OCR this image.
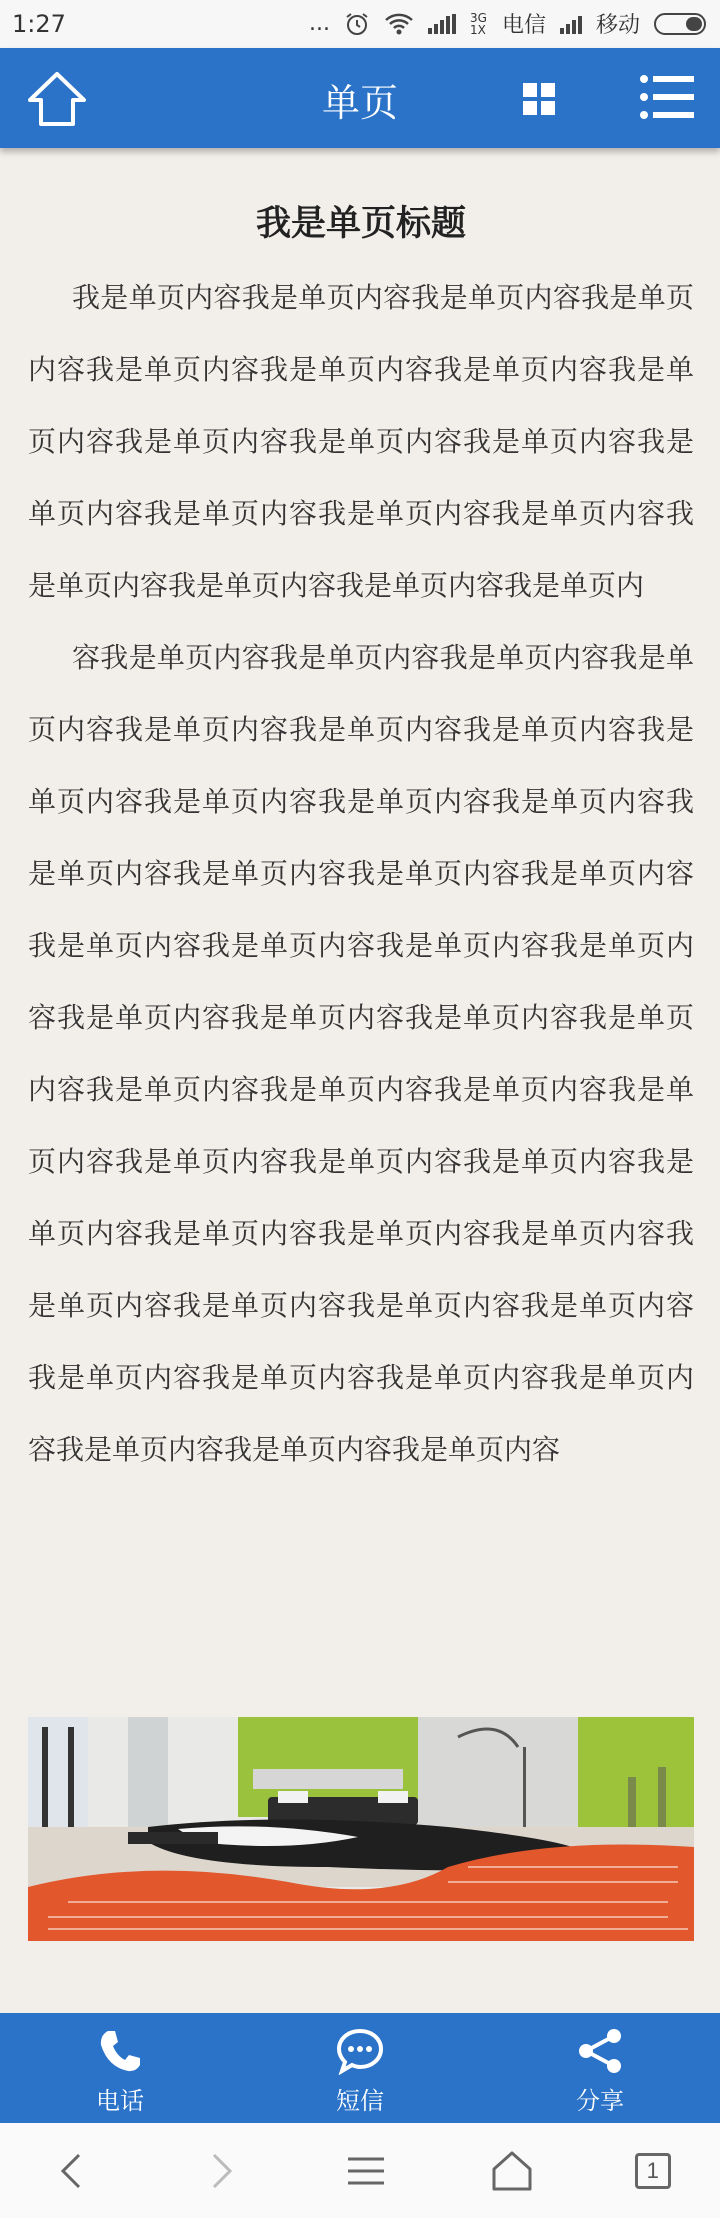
1:27	...	3G 1X 电信 移动
单页
我是单页标题

我是单页内容我是单页内容我是单页内容我是单页内容我是单页内容我是单页内容我是单页内容我是单页内容我是单页内容我是单页内容我是单页内容我是单页内容我是单页内容我是单页内容我是单页内容我是单页内容我是单页内容我是单页内容我是单页内

容我是单页内容我是单页内容我是单页内容我是单页内容我是单页内容我是单页内容我是单页内容我是单页内容我是单页内容我是单页内容我是单页内容我是单页内容我是单页内容我是单页内容我是单页内容我是单页内容我是单页内容我是单页内容我是单页内容我是单页内容我是单页内容我是单页内容我是单页内容我是单页内容我是单页内容我是单页内容我是单页内容我是单页内容我是单页内容我是单页内容我是单页内容我是单页内容我是单页内容我是单页内容我是单页内容我是单页内容我是单页内容我是单页内容我是单页内容我是单页内容我是单页内容我是单页内容我是单页内容我是单页内容我是单页内容

电话	短信	分享
1
